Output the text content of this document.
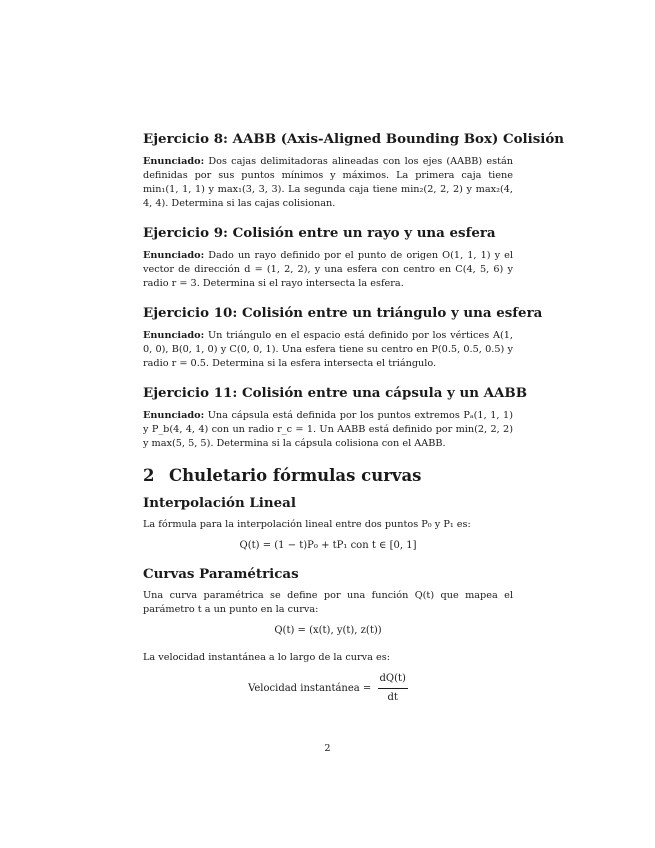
Ejercicio 8: AABB (Axis-Aligned Bounding Box) Colisión
Enunciado: Dos cajas delimitadoras alineadas con los ejes (AABB) están definidas por sus puntos mínimos y máximos. La primera caja tiene min₁(1, 1, 1) y max₁(3, 3, 3). La segunda caja tiene min₂(2, 2, 2) y max₂(4, 4, 4). Determina si las cajas colisionan.
Ejercicio 9: Colisión entre un rayo y una esfera
Enunciado: Dado un rayo definido por el punto de origen O(1, 1, 1) y el vector de dirección d = (1, 2, 2), y una esfera con centro en C(4, 5, 6) y radio r = 3. Determina si el rayo intersecta la esfera.
Ejercicio 10: Colisión entre un triángulo y una esfera
Enunciado: Un triángulo en el espacio está definido por los vértices A(1, 0, 0), B(0, 1, 0) y C(0, 0, 1). Una esfera tiene su centro en P(0.5, 0.5, 0.5) y radio r = 0.5. Determina si la esfera intersecta el triángulo.
Ejercicio 11: Colisión entre una cápsula y un AABB
Enunciado: Una cápsula está definida por los puntos extremos Pₐ(1, 1, 1) y P_b(4, 4, 4) con un radio r_c = 1. Un AABB está definido por min(2, 2, 2) y max(5, 5, 5). Determina si la cápsula colisiona con el AABB.
2 Chuletario fórmulas curvas
Interpolación Lineal
La fórmula para la interpolación lineal entre dos puntos P₀ y P₁ es:
Q(t) = (1 − t)P₀ + tP₁ con t ∈ [0, 1]
Curvas Paramétricas
Una curva paramétrica se define por una función Q(t) que mapea el parámetro t a un punto en la curva:
Q(t) = (x(t), y(t), z(t))
La velocidad instantánea a lo largo de la curva es:
Velocidad instantánea = $\frac{dQ(t)}{dt}$
2
